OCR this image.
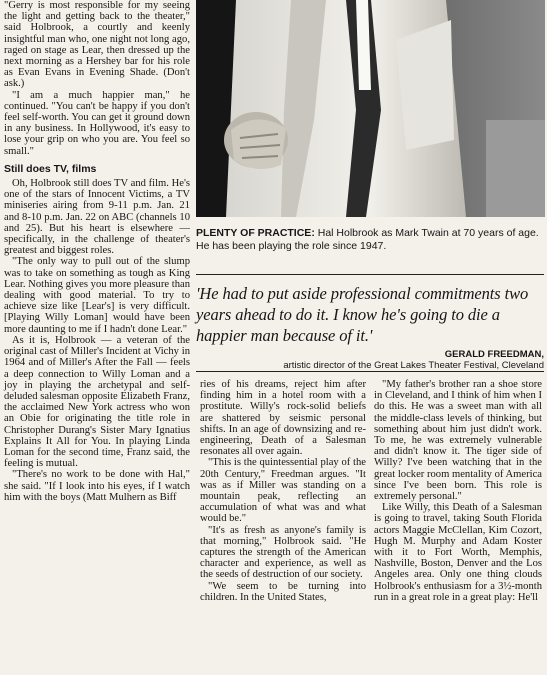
"Gerry is most responsible for my seeing the light and getting back to the theater," said Holbrook, a courtly and keenly insightful man who, one night not long ago, raged on stage as Lear, then dressed up the next morning as a Hershey bar for his role as Evan Evans in Evening Shade. (Don't ask.)

"I am a much happier man," he continued. "You can't be happy if you don't feel self-worth. You can get it ground down in any business. In Hollywood, it's easy to lose your grip on who you are. You feel so small."

Still does TV, films

Oh, Holbrook still does TV and film. He's one of the stars of Innocent Victims, a TV miniseries airing from 9-11 p.m. Jan. 21 and 8-10 p.m. Jan. 22 on ABC (channels 10 and 25). But his heart is elsewhere — specifically, in the challenge of theater's greatest and biggest roles.

"The only way to pull out of the slump was to take on something as tough as King Lear. Nothing gives you more pleasure than dealing with good material. To try to achieve size like [Lear's] is very difficult. [Playing Willy Loman] would have been more daunting to me if I hadn't done Lear."

As it is, Holbrook — a veteran of the original cast of Miller's Incident at Vichy in 1964 and of Miller's After the Fall — feels a deep connection to Willy Loman and a joy in playing the archetypal and self-deluded salesman opposite Elizabeth Franz, the acclaimed New York actress who won an Obie for originating the title role in Christopher Durang's Sister Mary Ignatius Explains It All for You. In playing Linda Loman for the second time, Franz said, the feeling is mutual.

"There's no work to be done with Hal," she said. "If I look into his eyes, if I watch him with the boys (Matt Mulhern as Biff

PLENTY OF PRACTICE: Hal Holbrook as Mark Twain at 70 years of age. He has been playing the role since 1947.
'He had to put aside professional commitments two years ahead to do it. I know he's going to die a happier man because of it.'
GERALD FREEDMAN,
artistic director of the Great Lakes Theater Festival, Cleveland

ries of his dreams, reject him after finding him in a hotel room with a prostitute. Willy's rock-solid beliefs are shattered by seismic personal shifts. In an age of downsizing and re-engineering, Death of a Salesman resonates all over again.

"This is the quintessential play of the 20th Century," Freedman argues. "It was as if Miller was standing on a mountain peak, reflecting an accumulation of what was and what would be."

"It's as fresh as anyone's family is that morning," Holbrook said. "He captures the strength of the American character and experience, as well as the seeds of destruction of our society.

"We seem to be turning into children. In the United States,

"My father's brother ran a shoe store in Cleveland, and I think of him when I do this. He was a sweet man with all the middle-class levels of thinking, but something about him just didn't work. To me, he was extremely vulnerable and didn't know it. The tiger side of Willy? I've been watching that in the great locker room mentality of America since I've been born. This role is extremely personal."

Like Willy, this Death of a Salesman is going to travel, taking South Florida actors Maggie McClellan, Kim Cozort, Hugh M. Murphy and Adam Koster with it to Fort Worth, Memphis, Nashville, Boston, Denver and the Los Angeles area. Only one thing clouds Holbrook's enthusiasm for a 3½-month run in a great role in a great play: He'll
